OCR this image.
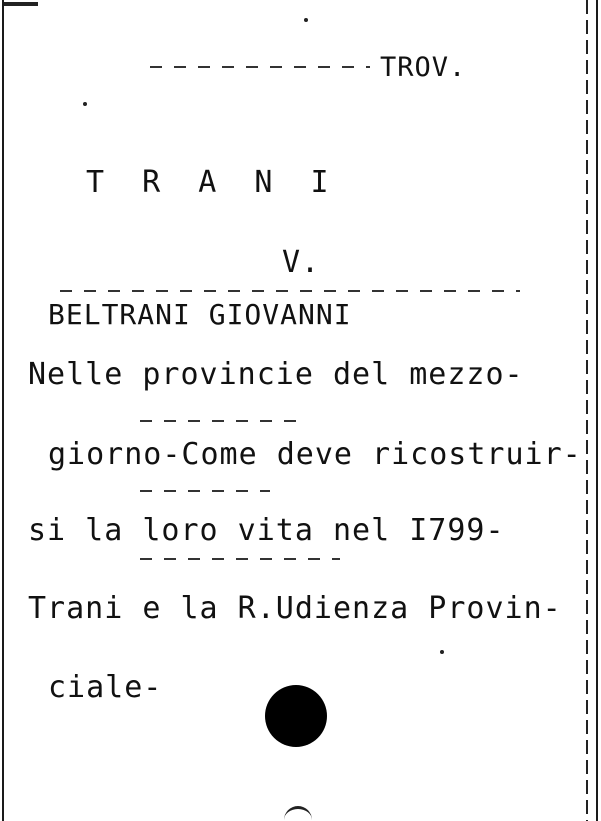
TROV.
T R A N I
V.
BELTRANI GIOVANNI
Nelle provincie del mezzo-
giorno-Come deve ricostruir-
si la loro vita nel I799-
Trani e la R.Udienza Provin-
ciale-
